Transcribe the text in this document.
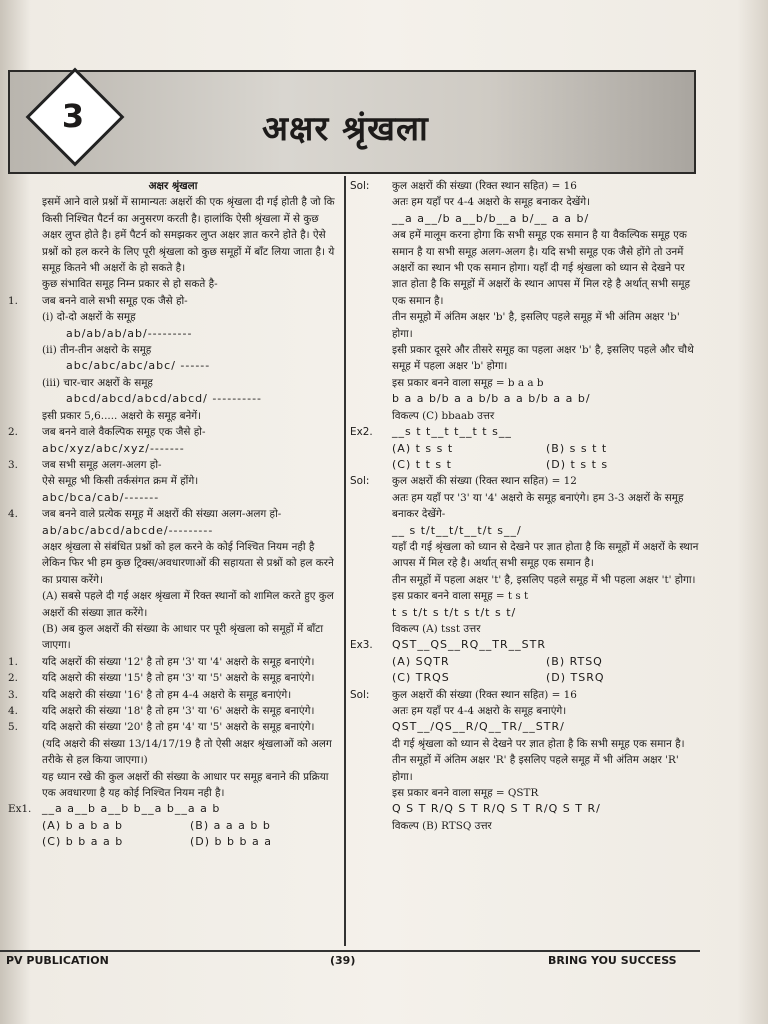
3	अक्षर श्रृंखला
अक्षर श्रृंखला
इसमें आने वाले प्रश्नों में सामान्यतः अक्षरों की एक श्रृंखला दी गई होती है जो कि किसी निश्चित पैटर्न का अनुसरण करती है। हालांकि ऐसी श्रृंखला में से कुछ अक्षर लुप्त होते है। हमें पैटर्न को समझकर लुप्त अक्षर ज्ञात करने होते है। ऐसे प्रश्नों को हल करने के लिए पूरी श्रृंखला को कुछ समूहों में बाँट लिया जाता है। ये समूह कितने भी अक्षरों के हो सकते है।
कुछ संभावित समूह निम्न प्रकार से हो सकते है-
1.	जब बनने वाले सभी समूह एक जैसे हो-
(i) दो-दो अक्षरों के समूह
ab/ab/ab/ab/---------
(ii) तीन-तीन अक्षरो के समूह
abc/abc/abc/abc/ ------
(iii) चार-चार अक्षरों के समूह
abcd/abcd/abcd/abcd/ ----------
इसी प्रकार 5,6..... अक्षरो के समूह बनेगें।
2.	जब बनने वाले वैकल्पिक समूह एक जैसे हो-
abc/xyz/abc/xyz/-------
3.	जब सभी समूह अलग-अलग हो-
ऐसे समूह भी किसी तर्कसंगत क्रम में होंगे।
abc/bca/cab/-------
4.	जब बनने वाले प्रत्येक समूह में अक्षरों की संख्या अलग-अलग हो-
ab/abc/abcd/abcde/---------
अक्षर श्रृंखला से संबंधित प्रश्नों को हल करने के कोई निश्चित नियम नही है लेकिन फिर भी हम कुछ ट्रिक्स/अवधारणाओं की सहायता से प्रश्नों को हल करने का प्रयास करेंगे।
(A) सबसे पहले दी गई अक्षर श्रृंखला में रिक्त स्थानों को शामिल करते हुए कुल अक्षरों की संख्या ज्ञात करेंगे।
(B) अब कुल अक्षरों की संख्या के आधार पर पूरी श्रृंखला को समूहों में बाँटा जाएगा।
1.	यदि अक्षरों की संख्या '12' है तो हम '3' या '4' अक्षरो के समूह बनाएंगे।
2.	यदि अक्षरो की संख्या '15' है तो हम '3' या '5' अक्षरो के समूह बनाएंगे।
3.	यदि अक्षरो की संख्या '16' है तो हम 4-4 अक्षरो के समूह बनाएंगे।
4.	यदि अक्षरो की संख्या '18' है तो हम '3' या '6' अक्षरो के समूह बनाएंगे।
5.	यदि अक्षरो की संख्या '20' है तो हम '4' या '5' अक्षरो के समूह बनाएंगे।
(यदि अक्षरो की संख्या 13/14/17/19 है तो ऐसी अक्षर श्रृंखलाओं को अलग तरीके से हल किया जाएगा।)
यह ध्यान रखे की कुल अक्षरों की संख्या के आधार पर समूह बनाने की प्रक्रिया एक अवधारणा है यह कोई निश्चित नियम नही है।
Ex1. __a a__b a__b b__a b__a a b
(A) b a b a b	(B) a a a b b
(C) b b a a b	(D) b b b a a
Sol:	कुल अक्षरों की संख्या (रिक्त स्थान सहित) = 16
अतः हम यहाँ पर 4-4 अक्षरो के समूह बनाकर देखेंगे।
__a a__/b a__b/b__a b/__ a a b/
अब हमें मालूम करना होगा कि सभी समूह एक समान है या वैकल्पिक समूह एक समान है या सभी समूह अलग-अलग है। यदि सभी समूह एक जैसे होंगे तो उनमें अक्षरों का स्थान भी एक समान होगा। यहाँ दी गई श्रृंखला को ध्यान से देखने पर ज्ञात होता है कि समूहों में अक्षरों के स्थान आपस में मिल रहे है अर्थात् सभी समूह एक समान है।
तीन समूहो में अंतिम अक्षर 'b' है, इसलिए पहले समूह में भी अंतिम अक्षर 'b' होगा।
इसी प्रकार दूसरे और तीसरे समूह का पहला अक्षर 'b' है, इसलिए पहले और चौथे समूह में पहला अक्षर 'b' होगा।
इस प्रकार बनने वाला समूह = b a a b
b a a b/b a a b/b a a b/b a a b/
विकल्प (C) bbaab उत्तर
Ex2.	__s t t__t t__t t s__
(A) t s s t	(B) s s t t
(C) t t s t	(D) t s t s
Sol:	कुल अक्षरों की संख्या (रिक्त स्थान सहित) = 12
अतः हम यहाँ पर '3' या '4' अक्षरो के समूह बनाएंगे। हम 3-3 अक्षरों के समूह बनाकर देखेंगे-
__ s t/t__t/t__t/t s__/
यहाँ दी गई श्रृंखला को ध्यान से देखने पर ज्ञात होता है कि समूहों में अक्षरों के स्थान आपस में मिल रहे है। अर्थात् सभी समूह एक समान है।
तीन समूहों में पहला अक्षर 't' है, इसलिए पहले समूह में भी पहला अक्षर 't' होगा।
इस प्रकार बनने वाला समूह = t s t
t s t/t s t/t s t/t s t/
विकल्प (A) tsst उत्तर
Ex3.	QST__QS__RQ__TR__STR
(A) SQTR	(B) RTSQ
(C) TRQS	(D) TSRQ
Sol:	कुल अक्षरों की संख्या (रिक्त स्थान सहित) = 16
अतः हम यहाँ पर 4-4 अक्षरो के समूह बनाएंगे।
QST__/QS__R/Q__TR/__STR/
दी गई श्रृंखला को ध्यान से देखने पर ज्ञात होता है कि सभी समूह एक समान है।
तीन समूहों में अंतिम अक्षर 'R' है इसलिए पहले समूह में भी अंतिम अक्षर 'R' होगा।
इस प्रकार बनने वाला समूह = QSTR
Q S T R/Q S T R/Q S T R/Q S T R/
विकल्प (B) RTSQ उत्तर
PV PUBLICATION	(39)	BRING YOU SUCCESS
